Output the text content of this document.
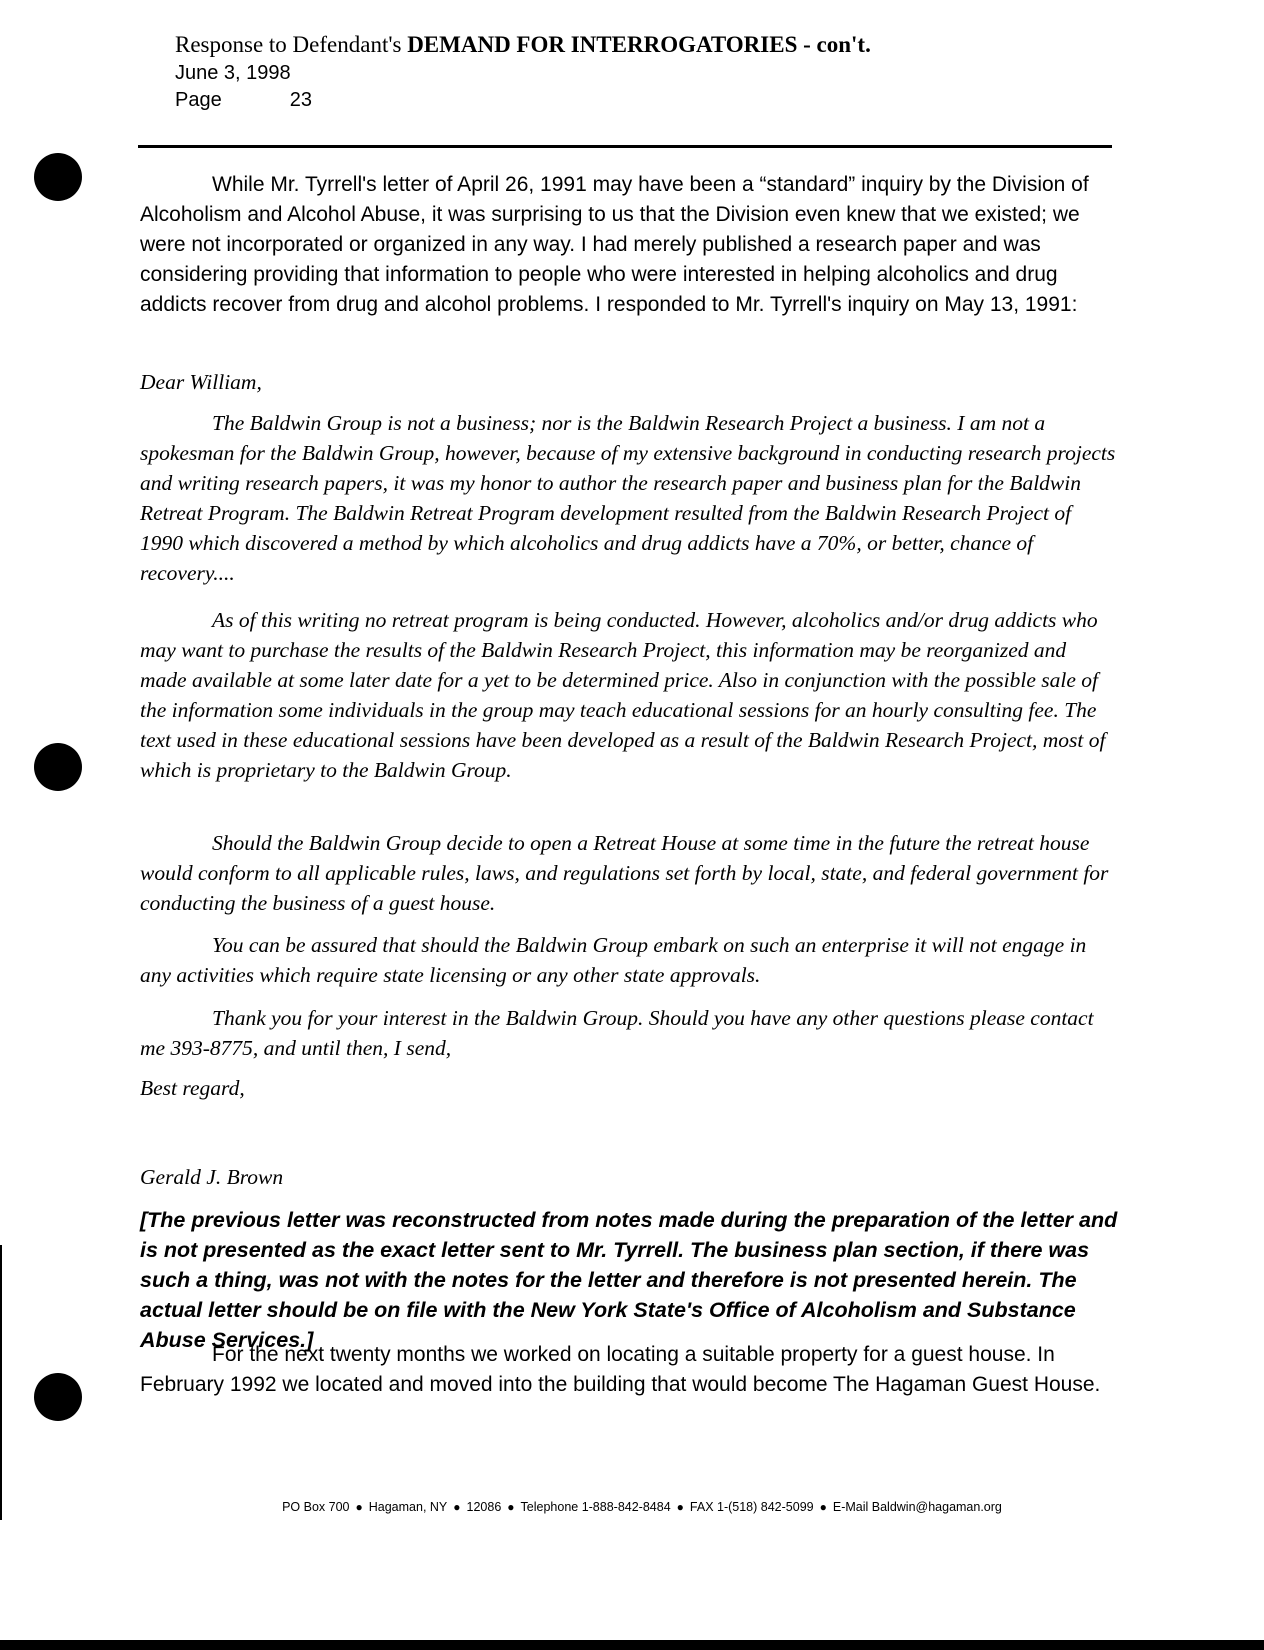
Response to Defendant's DEMAND FOR INTERROGATORIES - con't.
June 3, 1998
Page	23

While Mr. Tyrrell's letter of April 26, 1991 may have been a “standard” inquiry by the Division of Alcoholism and Alcohol Abuse, it was surprising to us that the Division even knew that we existed; we were not incorporated or organized in any way. I had merely published a research paper and was considering providing that information to people who were interested in helping alcoholics and drug addicts recover from drug and alcohol problems. I responded to Mr. Tyrrell's inquiry on May 13, 1991:

Dear William,

The Baldwin Group is not a business; nor is the Baldwin Research Project a business. I am not a spokesman for the Baldwin Group, however, because of my extensive background in conducting research projects and writing research papers, it was my honor to author the research paper and business plan for the Baldwin Retreat Program. The Baldwin Retreat Program development resulted from the Baldwin Research Project of 1990 which discovered a method by which alcoholics and drug addicts have a 70%, or better, chance of recovery....

As of this writing no retreat program is being conducted. However, alcoholics and/or drug addicts who may want to purchase the results of the Baldwin Research Project, this information may be reorganized and made available at some later date for a yet to be determined price. Also in conjunction with the possible sale of the information some individuals in the group may teach educational sessions for an hourly consulting fee. The text used in these educational sessions have been developed as a result of the Baldwin Research Project, most of which is proprietary to the Baldwin Group.

Should the Baldwin Group decide to open a Retreat House at some time in the future the retreat house would conform to all applicable rules, laws, and regulations set forth by local, state, and federal government for conducting the business of a guest house.

You can be assured that should the Baldwin Group embark on such an enterprise it will not engage in any activities which require state licensing or any other state approvals.

Thank you for your interest in the Baldwin Group. Should you have any other questions please contact me 393-8775, and until then, I send,

Best regard,

Gerald J. Brown

[The previous letter was reconstructed from notes made during the preparation of the letter and is not presented as the exact letter sent to Mr. Tyrrell. The business plan section, if there was such a thing, was not with the notes for the letter and therefore is not presented herein. The actual letter should be on file with the New York State's Office of Alcoholism and Substance Abuse Services.]

For the next twenty months we worked on locating a suitable property for a guest house. In February 1992 we located and moved into the building that would become The Hagaman Guest House.

PO Box 700 ● Hagaman, NY ● 12086 ● Telephone 1-888-842-8484 ● FAX 1-(518) 842-5099 ● E-Mail Baldwin@hagaman.org
